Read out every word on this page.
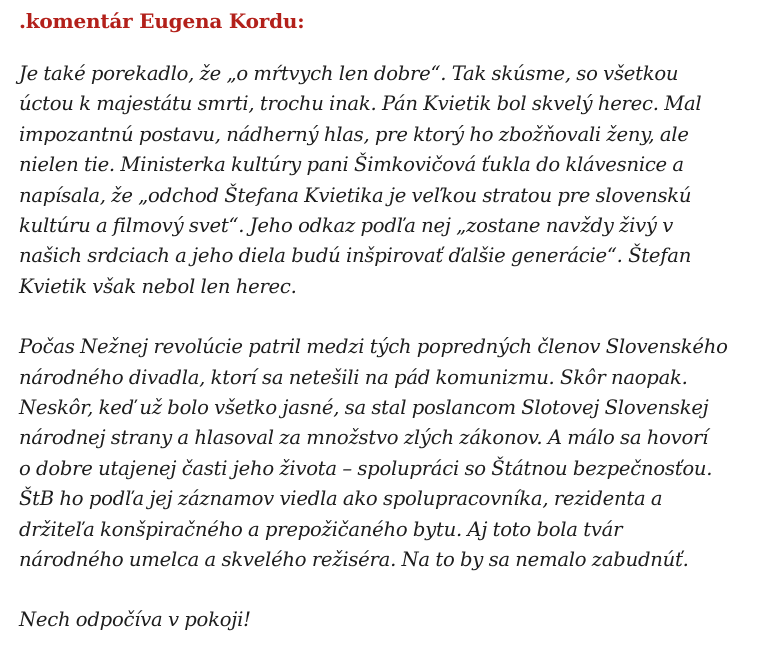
.komentár Eugena Kordu:

Je také porekadlo, že „o mŕtvych len dobre“. Tak skúsme, so všetkou
úctou k majestátu smrti, trochu inak. Pán Kvietik bol skvelý herec. Mal
impozantnú postavu, nádherný hlas, pre ktorý ho zbožňovali ženy, ale
nielen tie. Ministerka kultúry pani Šimkovičová ťukla do klávesnice a
napísala, že „odchod Štefana Kvietika je veľkou stratou pre slovenskú
kultúru a filmový svet“. Jeho odkaz podľa nej „zostane navždy živý v
našich srdciach a jeho diela budú inšpirovať ďalšie generácie“. Štefan
Kvietik však nebol len herec.

Počas Nežnej revolúcie patril medzi tých popredných členov Slovenského
národného divadla, ktorí sa netešili na pád komunizmu. Skôr naopak.
Neskôr, keď už bolo všetko jasné, sa stal poslancom Slotovej Slovenskej
národnej strany a hlasoval za množstvo zlých zákonov. A málo sa hovorí
o dobre utajenej časti jeho života – spolupráci so Štátnou bezpečnosťou.
ŠtB ho podľa jej záznamov viedla ako spolupracovníka, rezidenta a
držiteľa konšpiračného a prepožičaného bytu. Aj toto bola tvár
národného umelca a skvelého režiséra. Na to by sa nemalo zabudnúť.

Nech odpočíva v pokoji!
